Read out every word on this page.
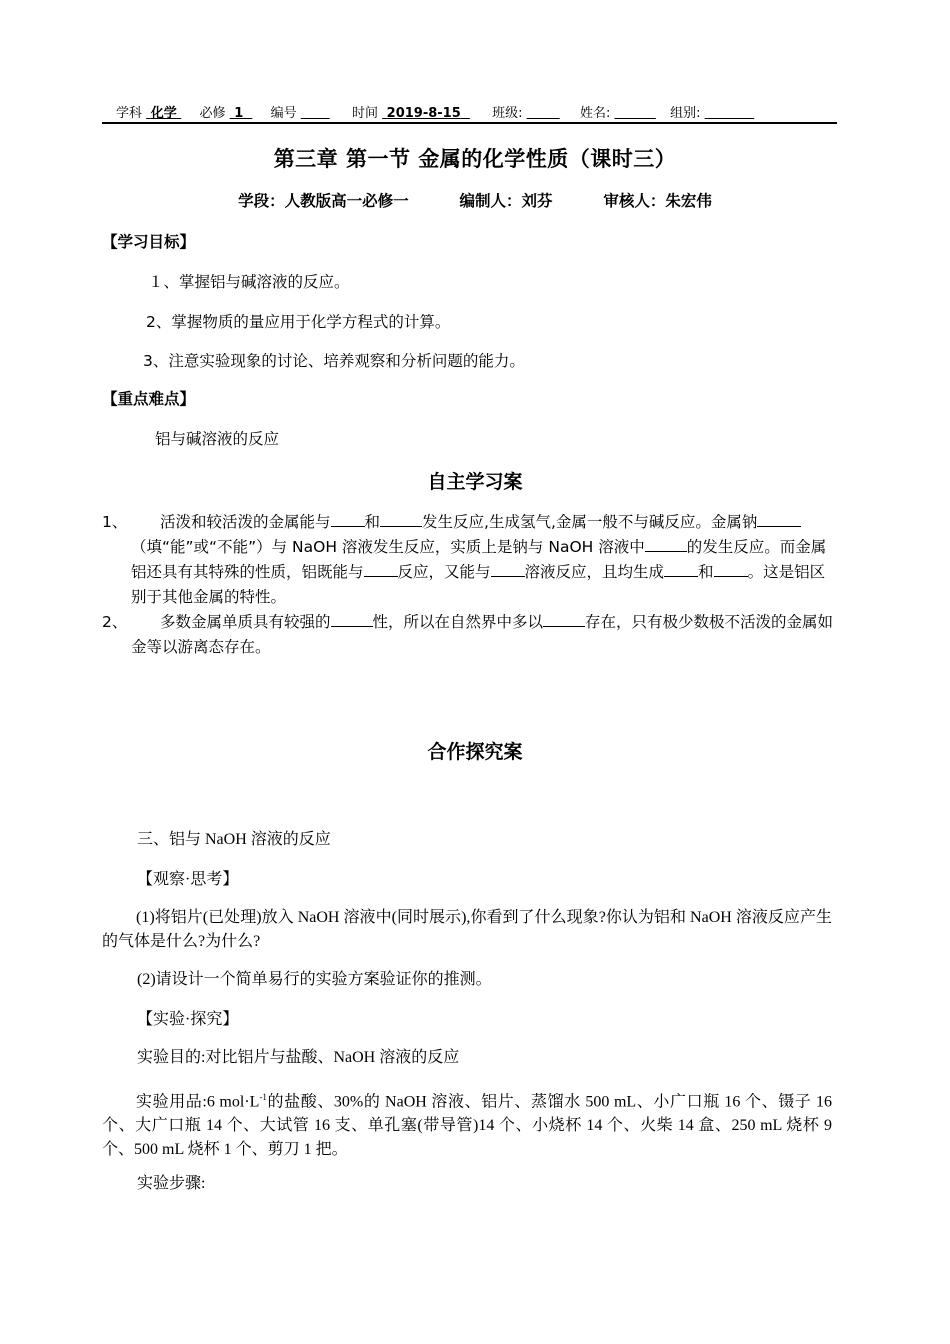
学科 化学 必修 1 编号	时间 2019-8-15 班级:	姓名:	组别:
第三章 第一节 金属的化学性质（课时三）
学段：人教版高一必修一	编制人：刘芬	审核人：朱宏伟
【学习目标】
１、掌握铝与碱溶液的反应。
2、掌握物质的量应用于化学方程式的计算。
3、注意实验现象的讨论、培养观察和分析问题的能力。
【重点难点】
铝与碱溶液的反应
自主学习案
1、	活泼和较活泼的金属能与 和	发生反应,生成氢气,金属一般不与碱反应。金属钠（填“能”或“不能”）与 NaOH 溶液发生反应，实质上是钠与 NaOH 溶液中	的发生反应。而金属铝还具有其特殊的性质，铝既能与 反应，又能与 溶液反应，且均生成 和 。这是铝区别于其他金属的特性。
2、	多数金属单质具有较强的	性，所以在自然界中多以	存在，只有极少数极不活泼的金属如金等以游离态存在。
合作探究案
三、铝与 NaOH 溶液的反应
【观察·思考】
(1)将铝片(已处理)放入 NaOH 溶液中(同时展示),你看到了什么现象?你认为铝和 NaOH 溶液反应产生的气体是什么?为什么?
(2)请设计一个简单易行的实验方案验证你的推测。
【实验·探究】
实验目的:对比铝片与盐酸、NaOH 溶液的反应
实验用品:6 $mol\cdot L^{-1}$的盐酸、30%的 NaOH 溶液、铝片、蒸馏水 500 mL、小广口瓶 16 个、镊子 16 个、大广口瓶 14 个、大试管 16 支、单孔塞(带导管)14 个、小烧杯 14 个、火柴 14 盒、250 mL 烧杯 9 个、500 mL 烧杯 1 个、剪刀 1 把。
实验步骤:
